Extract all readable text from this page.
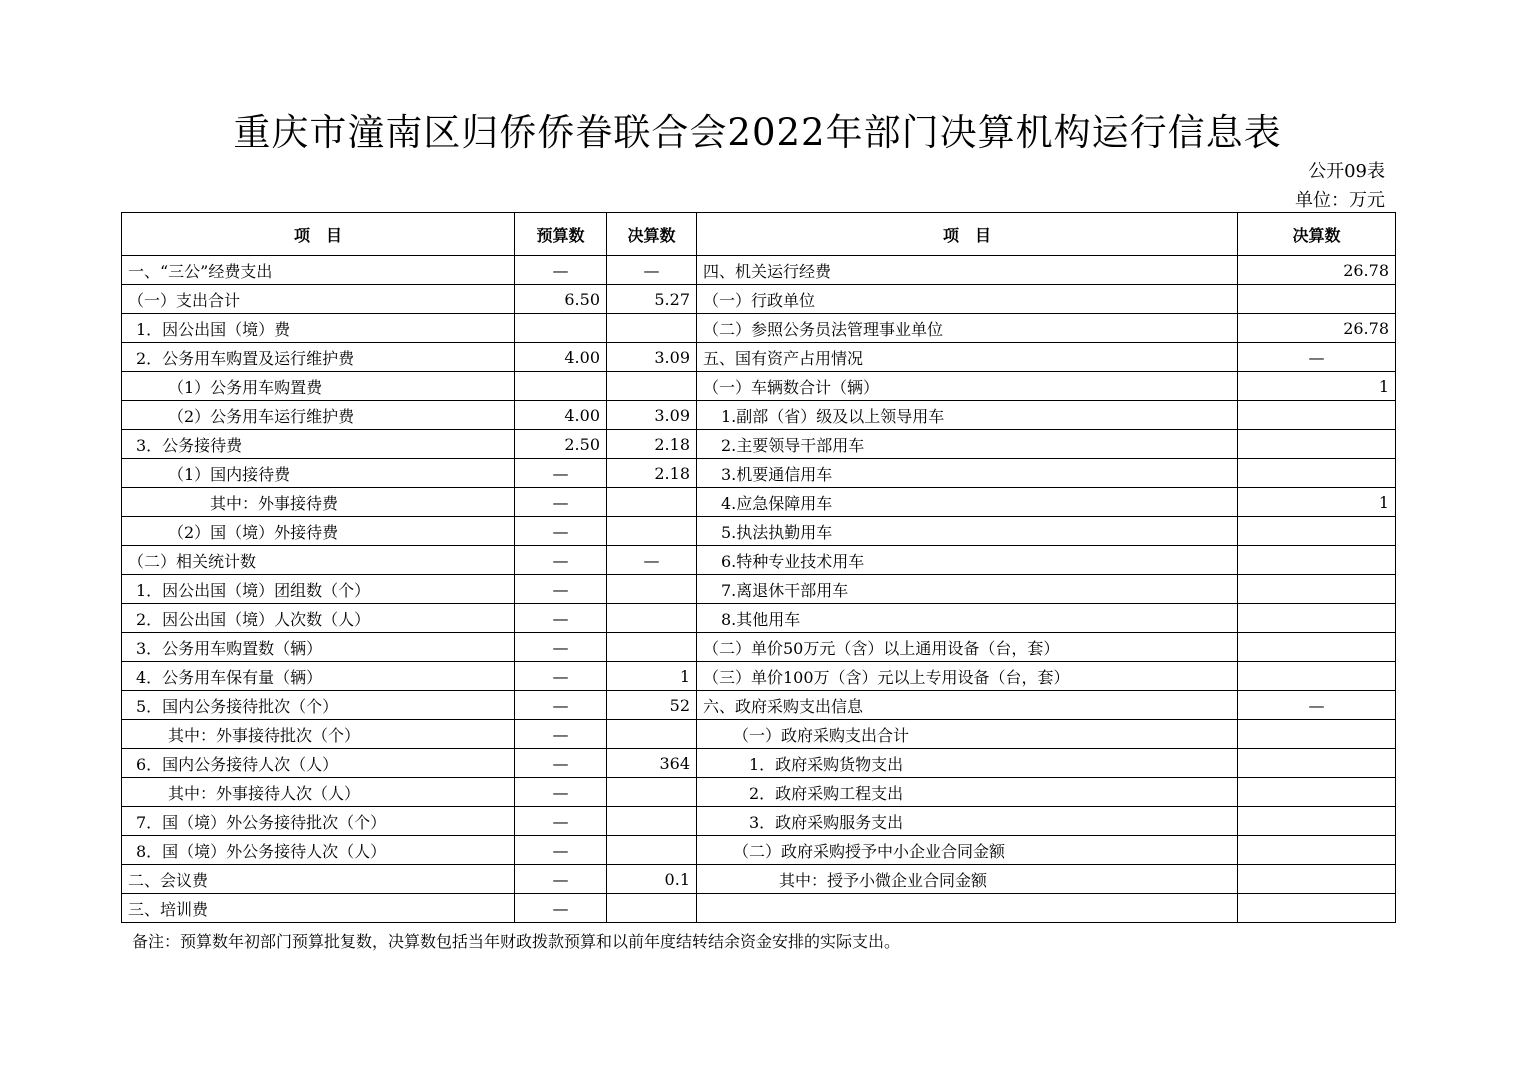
重庆市潼南区归侨侨眷联合会2022年部门决算机构运行信息表
公开09表
单位：万元
项　目	预算数	决算数	项　目	决算数
一、“三公”经费支出	—	—	四、机关运行经费	26.78
（一）支出合计	6.50	5.27	（一）行政单位	
1．因公出国（境）费			（二）参照公务员法管理事业单位	26.78
2．公务用车购置及运行维护费	4.00	3.09	五、国有资产占用情况	—
（1）公务用车购置费			（一）车辆数合计（辆）	1
（2）公务用车运行维护费	4.00	3.09	1.副部（省）级及以上领导用车	
3．公务接待费	2.50	2.18	2.主要领导干部用车	
（1）国内接待费	—	2.18	3.机要通信用车	
其中：外事接待费	—		4.应急保障用车	1
（2）国（境）外接待费	—		5.执法执勤用车	
（二）相关统计数	—	—	6.特种专业技术用车	
1．因公出国（境）团组数（个）	—		7.离退休干部用车	
2．因公出国（境）人次数（人）	—		8.其他用车	
3．公务用车购置数（辆）	—		（二）单价50万元（含）以上通用设备（台，套）	
4．公务用车保有量（辆）	—	1	（三）单价100万（含）元以上专用设备（台，套）	
5．国内公务接待批次（个）	—	52	六、政府采购支出信息	—
其中：外事接待批次（个）	—		（一）政府采购支出合计	
6．国内公务接待人次（人）	—	364	1．政府采购货物支出	
其中：外事接待人次（人）	—		2．政府采购工程支出	
7．国（境）外公务接待批次（个）	—		3．政府采购服务支出	
8．国（境）外公务接待人次（人）	—		（二）政府采购授予中小企业合同金额	
二、会议费	—	0.1	其中：授予小微企业合同金额	
三、培训费	—			
备注：预算数年初部门预算批复数，决算数包括当年财政拨款预算和以前年度结转结余资金安排的实际支出。
